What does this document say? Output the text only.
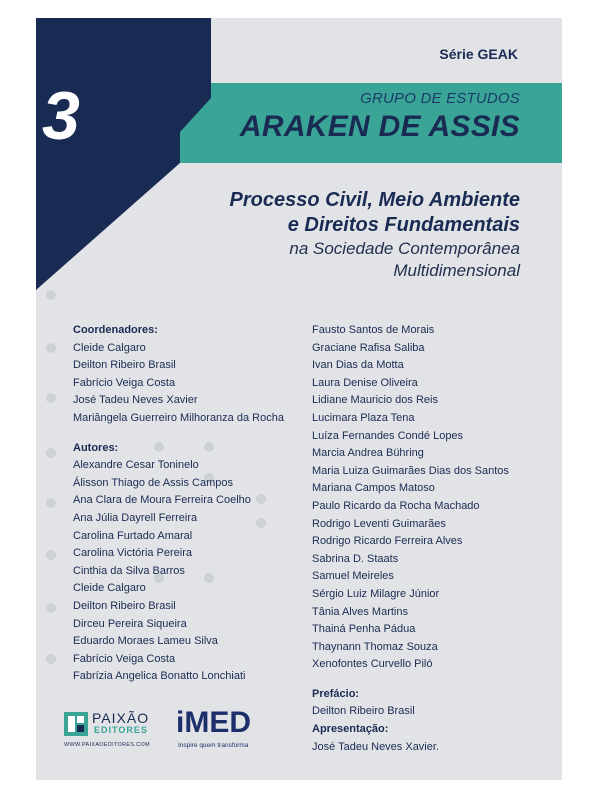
Série GEAK
3	GRUPO DE ESTUDOS
ARAKEN DE ASSIS
Processo Civil, Meio Ambiente
e Direitos Fundamentais
na Sociedade Contemporânea
Multidimensional
Coordenadores:
Cleide Calgaro
Deilton Ribeiro Brasil
Fabrício Veiga Costa
José Tadeu Neves Xavier
Mariângela Guerreiro Milhoranza da Rocha
Autores:
Alexandre Cesar Toninelo
Álisson Thiago de Assis Campos
Ana Clara de Moura Ferreira Coelho
Ana Júlia Dayrell Ferreira
Carolina Furtado Amaral
Carolina Victória Pereira
Cinthia da Silva Barros
Cleide Calgaro
Deilton Ribeiro Brasil
Dirceu Pereira Siqueira
Eduardo Moraes Lameu Silva
Fabrício Veiga Costa
Fabrízia Angelica Bonatto Lonchiati
Fausto Santos de Morais
Graciane Rafisa Saliba
Ivan Dias da Motta
Laura Denise Oliveira
Lidiane Mauricio dos Reis
Lucimara Plaza Tena
Luíza Fernandes Condé Lopes
Marcia Andrea Bühring
Maria Luiza Guimarães Dias dos Santos
Mariana Campos Matoso
Paulo Ricardo da Rocha Machado
Rodrigo Leventi Guimarães
Rodrigo Ricardo Ferreira Alves
Sabrina D. Staats
Samuel Meireles
Sérgio Luiz Milagre Júnior
Tânia Alves Martins
Thainá Penha Pádua
Thaynann Thomaz Souza
Xenofontes Curvello Piló
Prefácio:
Deilton Ribeiro Brasil
Apresentação:
José Tadeu Neves Xavier.
PAIXÃO
EDITORES
WWW.PAIXAOEDITORES.COM
iMED
Inspire quem transforma
